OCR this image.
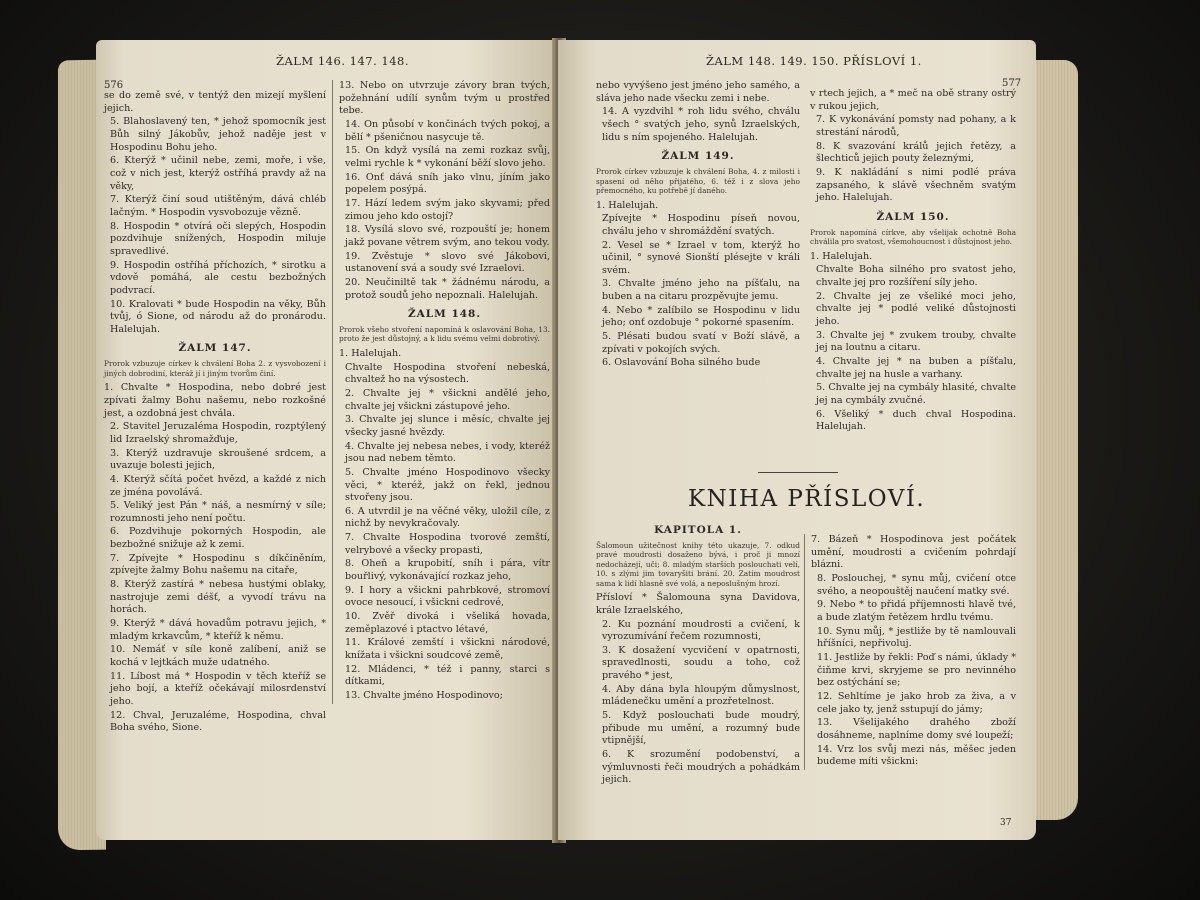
ŽALM 146. 147. 148.
576
se do země své, v tentýž den mizejí myšlení jejich.
5. Blahoslavený ten, * jehož spomocník jest Bůh silný Jákobův, jehož naděje jest v Hospodinu Bohu jeho.
6. Kterýž * učinil nebe, zemi, moře, i vše, což v nich jest, kterýž ostříhá pravdy až na věky,
7. Kterýž činí soud utištěným, dává chléb lačným. * Hospodin vysvobozuje vězně.
8. Hospodin * otvírá oči slepých, Hospodin pozdvihuje snížených, Hospodin miluje spravedlivé.
9. Hospodin ostříhá příchozích, * sirotku a vdově pomáhá, ale cestu bezbožných podvrací.
10. Kralovati * bude Hospodin na věky, Bůh tvůj, ó Sione, od národu až do pronárodu. Halelujah.
ŽALM 147.
Prorok vzbuzuje církev k chválení Boha 2. z vysvobození i jiných dobrodiní, kteráž jí i jiným tvorům činí.
1. Chvalte * Hospodina, nebo dobré jest zpívati žalmy Bohu našemu, nebo rozkošné jest, a ozdobná jest chvála.
2. Stavitel Jeruzaléma Hospodin, rozptýlený lid Izraelský shromažďuje,
3. Kterýž uzdravuje skroušené srdcem, a uvazuje bolesti jejich,
4. Kterýž sčítá počet hvězd, a každé z nich ze jména povolává.
5. Veliký jest Pán * náš, a nesmírný v síle; rozumnosti jeho není počtu.
6. Pozdvihuje pokorných Hospodin, ale bezbožné snižuje až k zemi.
7. Zpívejte * Hospodinu s díkčiněním, zpívejte žalmy Bohu našemu na citaře,
8. Kterýž zastírá * nebesa hustými oblaky, nastrojuje zemi déšť, a vyvodí trávu na horách.
9. Kterýž * dává hovadům potravu jejich, * mladým krkavcům, * kteříž k němu.
10. Nemáť v síle koně zalíbení, aniž se kochá v lejtkách muže udatného.
11. Líbost má * Hospodin v těch kteříž se jeho bojí, a kteříž očekávají milosrdenství jeho.
12. Chval, Jeruzaléme, Hospodina, chval Boha svého, Sione.
13. Nebo on utvrzuje závory bran tvých, požehnání udílí synům tvým u prostřed tebe.
14. On působí v končinách tvých pokoj, a bělí * pšeničnou nasycuje tě.
15. On když vysílá na zemi rozkaz svůj, velmi rychle k * vykonání běží slovo jeho.
16. Onť dává sníh jako vlnu, jíním jako popelem posýpá.
17. Hází ledem svým jako skyvami; před zimou jeho kdo ostojí?
18. Vysílá slovo své, rozpouští je; honem jakž povane větrem svým, ano tekou vody.
19. Zvěstuje * slovo své Jákobovi, ustanovení svá a soudy své Izraelovi.
20. Neučiniltě tak * žádnému národu, a protož soudů jeho nepoznali. Halelujah.
ŽALM 148.
Prorok všeho stvoření napomíná k oslavování Boha, 13. proto že jest důstojný, a k lidu svému velmi dobrotivý.
1. Halelujah.
Chvalte Hospodina stvoření nebeská, chvaltež ho na výsostech.
2. Chvalte jej * všickni andělé jeho, chvalte jej všickni zástupové jeho.
3. Chvalte jej slunce i měsíc, chvalte jej všecky jasné hvězdy.
4. Chvalte jej nebesa nebes, i vody, kteréž jsou nad nebem těmto.
5. Chvalte jméno Hospodinovo všecky věci, * kteréž, jakž on řekl, jednou stvořeny jsou.
6. A utvrdil je na věčné věky, uložil cíle, z nichž by nevykračovaly.
7. Chvalte Hospodina tvorové zemští, velrybové a všecky propasti,
8. Oheň a krupobití, sníh i pára, vítr bouřlivý, vykonávající rozkaz jeho,
9. I hory a všickni pahrbkové, stromoví ovoce nesoucí, i všickni cedrové,
10. Zvěř divoká i všeliká hovada, zeměplazové i ptactvo létavé,
11. Králové zemští i všickni národové, knížata i všickni soudcové země,
12. Mládenci, * též i panny, starci s dítkami,
13. Chvalte jméno Hospodinovo;
ŽALM 148. 149. 150. PŘÍSLOVÍ 1.
577
nebo vyvýšeno jest jméno jeho samého, a sláva jeho nade všecku zemi i nebe.
14. A vyzdvihl * roh lidu svého, chválu všech ° svatých jeho, synů Izraelských, lidu s ním spojeného. Halelujah.
ŽALM 149.
Prorok církev vzbuzuje k chválení Boha, 4. z milosti i spasení od něho přijatého, 6. též i z slova jeho přemocného, ku potřebě jí daného.
1. Halelujah.
Zpívejte * Hospodinu píseň novou, chválu jeho v shromáždění svatých.
2. Vesel se * Izrael v tom, kterýž ho učinil, ° synové Sionští plésejte v králi svém.
3. Chvalte jméno jeho na píšťalu, na buben a na citaru prozpěvujte jemu.
4. Nebo * zalíbilo se Hospodinu v lidu jeho; onť ozdobuje ° pokorné spasením.
5. Plésati budou svatí v Boží slávě, a zpívati v pokojích svých.
6. Oslavování Boha silného bude
v rtech jejich, a * meč na obě strany ostrý v rukou jejich,
7. K vykonávání pomsty nad pohany, a k strestání národů,
8. K svazování králů jejich řetězy, a šlechticů jejich pouty železnými,
9. K nakládání s nimi podlé práva zapsaného, k slávě všechněm svatým jeho. Halelujah.
ŽALM 150.
Prorok napomíná církve, aby všelijak ochotně Boha chválila pro svatost, všemohoucnost i důstojnost jeho.
1. Halelujah.
Chvalte Boha silného pro svatost jeho, chvalte jej pro rozšíření síly jeho.
2. Chvalte jej ze všeliké moci jeho, chvalte jej * podlé veliké důstojnosti jeho.
3. Chvalte jej * zvukem trouby, chvalte jej na loutnu a citaru.
4. Chvalte jej * na buben a píšťalu, chvalte jej na husle a varhany.
5. Chvalte jej na cymbály hlasité, chvalte jej na cymbály zvučné.
6. Všeliký * duch chval Hospodina. Halelujah.
KNIHA PŘÍSLOVÍ.
KAPITOLA 1.
Šalomoun užitečnost knihy této ukazuje, 7. odkud pravé moudrosti dosaženo bývá, i proč ji mnozí nedocházejí, uči; 8. mladým starších poslouchati velí, 10. s zlými jim tovaryšiti brání. 20. Zatím moudrost sama k lidí hlasně své volá, a neposlušným hrozí.
Přísloví * Šalomouna syna Davidova, krále Izraelského,
2. Ku poznání moudrosti a cvičení, k vyrozumívání řečem rozumnosti,
3. K dosažení vycvičení v opatrnosti, spravedlnosti, soudu a toho, což pravého * jest,
4. Aby dána byla hloupým důmyslnost, mládenečku umění a prozřetelnost.
5. Když poslouchati bude moudrý, přibude mu umění, a rozumný bude vtipnější,
6. K srozumění podobenství, a výmluvnosti řeči moudrých a pohádkám jejich.
7. Bázeň * Hospodinova jest počátek umění, moudrosti a cvičením pohrdají blázni.
8. Poslouchej, * synu můj, cvičení otce svého, a neopouštěj naučení matky své.
9. Nebo * to přidá příjemnosti hlavě tvé, a bude zlatým řetězem hrdlu tvému.
10. Synu můj, * jestliže by tě namlouvali hříšníci, nepřivoluj.
11. Jestliže by řekli: Poď s námi, úklady * čiňme krvi, skryjeme se pro nevinného bez ostýchání se;
12. Sehltíme je jako hrob za živa, a v cele jako ty, jenž sstupují do jámy;
13. Všelijakého drahého zboží dosáhneme, naplníme domy své loupeží;
14. Vrz los svůj mezi nás, měšec jeden budeme míti všickni:
37
